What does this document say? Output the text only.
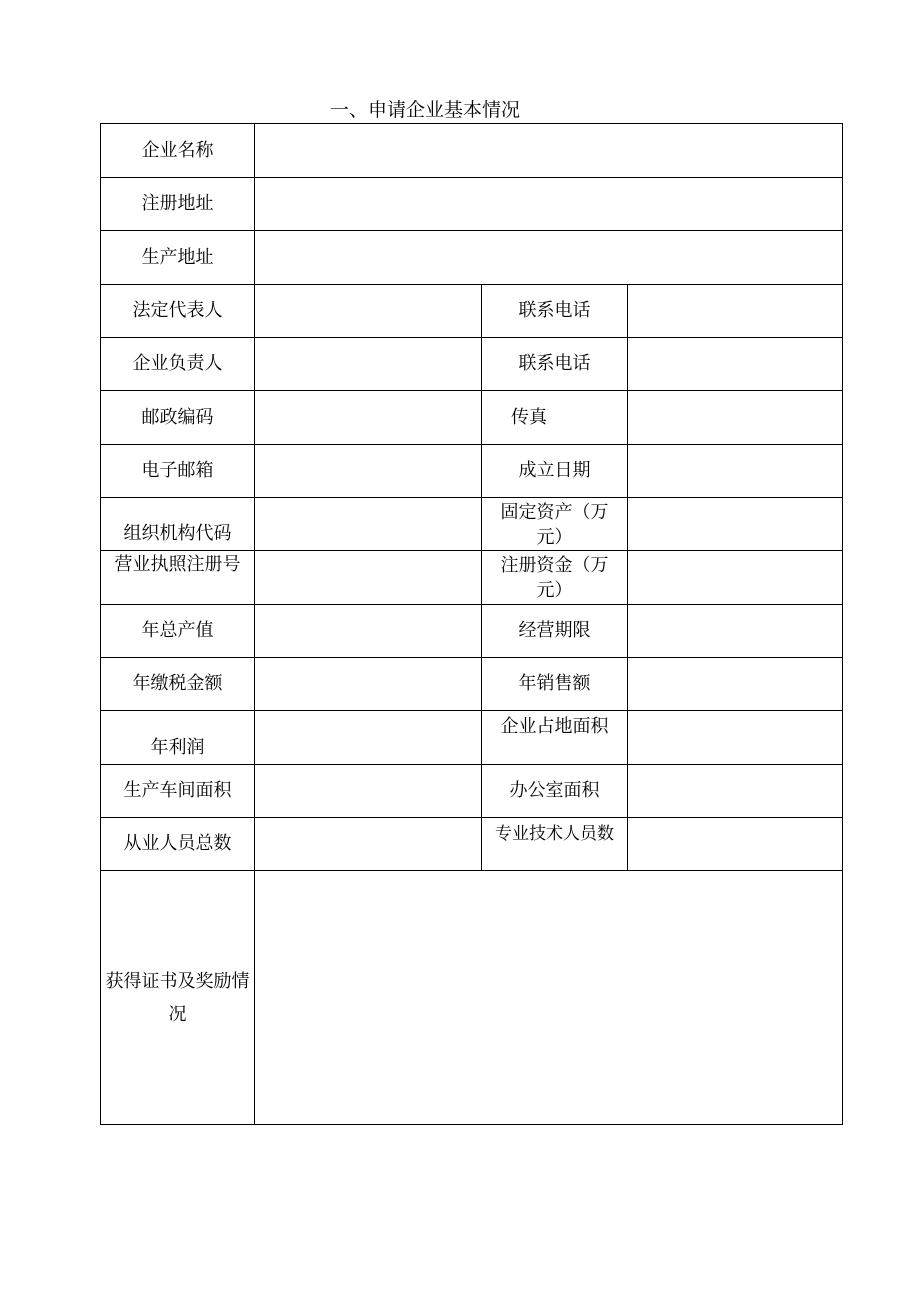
一、申请企业基本情况
企业名称			
注册地址			
生产地址			
法定代表人		联系电话	
企业负责人		联系电话	
邮政编码		传真	
电子邮箱		成立日期	
组织机构代码		固定资产（万元）	

营业执照注册号		注册资金（万元）	

年总产值		经营期限	
年缴税金额		年销售额	
年利润		企业占地面积	
生产车间面积		办公室面积	
从业人员总数		专业技术人员数	

获得证书及奖励情况			
